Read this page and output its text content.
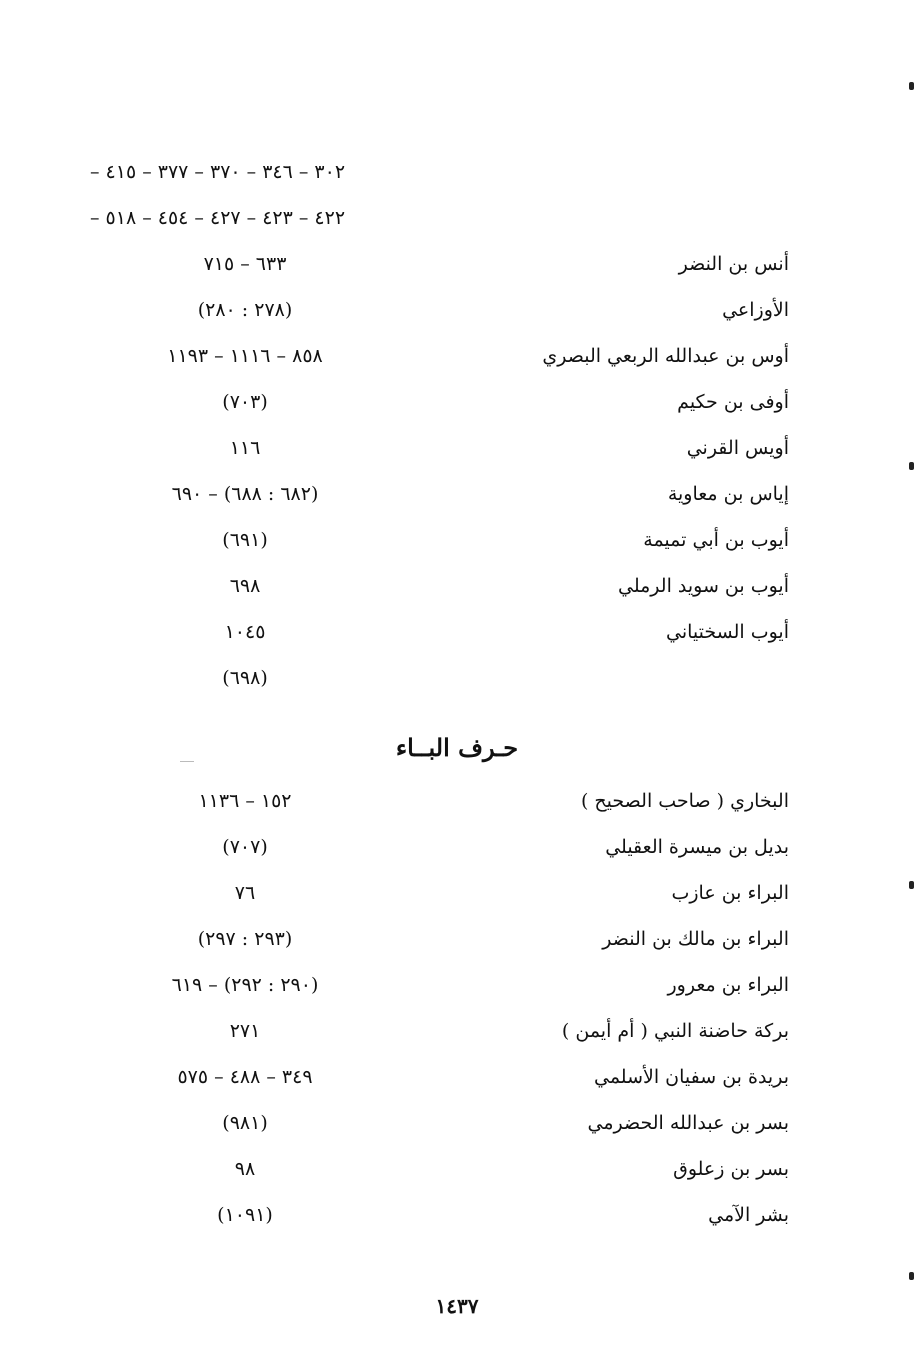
٣٠٢ – ٣٤٦ – ٣٧٠ – ٣٧٧ – ٤١٥ –
٤٢٢ – ٤٢٣ – ٤٢٧ – ٤٥٤ – ٥١٨ –
أنس بن النضر
٦٣٣ – ٧١٥
الأوزاعي
(٢٧٨ : ٢٨٠)
أوس بن عبدالله الربعي البصري
٨٥٨ – ١١١٦ – ١١٩٣
أوفى بن حكيم
(٧٠٣)
أويس القرني
١١٦
إياس بن معاوية
(٦٨٢ : ٦٨٨) – ٦٩٠
أيوب بن أبي تميمة
(٦٩١)
أيوب بن سويد الرملي
٦٩٨
أيوب السختياني
١٠٤٥
(٦٩٨)
حـرف البــاء
البخاري ( صاحب الصحيح )
١٥٢ – ١١٣٦
بديل بن ميسرة العقيلي
(٧٠٧)
البراء بن عازب
٧٦
البراء بن مالك بن النضر
(٢٩٣ : ٢٩٧)
البراء بن معرور
(٢٩٠ : ٢٩٢) – ٦١٩
بركة حاضنة النبي ( أم أيمن )
٢٧١
بريدة بن سفيان الأسلمي
٣٤٩ – ٤٨٨ – ٥٧٥
بسر بن عبدالله الحضرمي
(٩٨١)
بسر بن زعلوق
٩٨
بشر الآمي
(١٠٩١)
١٤٣٧
